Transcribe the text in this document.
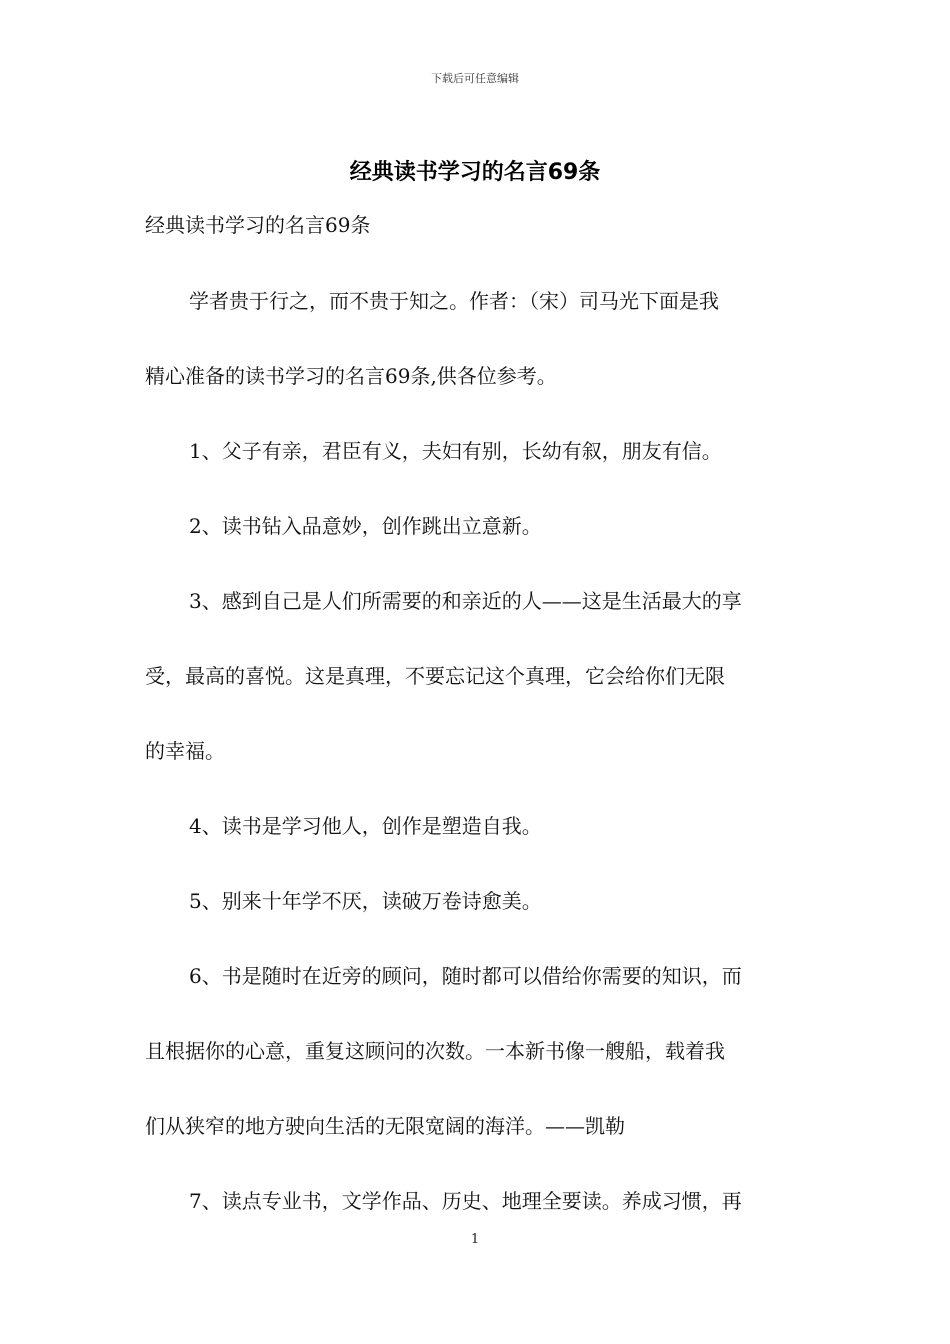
下载后可任意编辑
经典读书学习的名言69条
经典读书学习的名言69条
学者贵于行之，而不贵于知之。作者：（宋）司马光下面是我
精心准备的读书学习的名言69条,供各位参考。
1、父子有亲，君臣有义，夫妇有别，长幼有叙，朋友有信。
2、读书钻入品意妙，创作跳出立意新。
3、感到自己是人们所需要的和亲近的人——这是生活最大的享
受，最高的喜悦。这是真理，不要忘记这个真理，它会给你们无限
的幸福。
4、读书是学习他人，创作是塑造自我。
5、别来十年学不厌，读破万卷诗愈美。
6、书是随时在近旁的顾问，随时都可以借给你需要的知识，而
且根据你的心意，重复这顾问的次数。一本新书像一艘船，载着我
们从狭窄的地方驶向生活的无限宽阔的海洋。——凯勒
7、读点专业书，文学作品、历史、地理全要读。养成习惯，再
1
